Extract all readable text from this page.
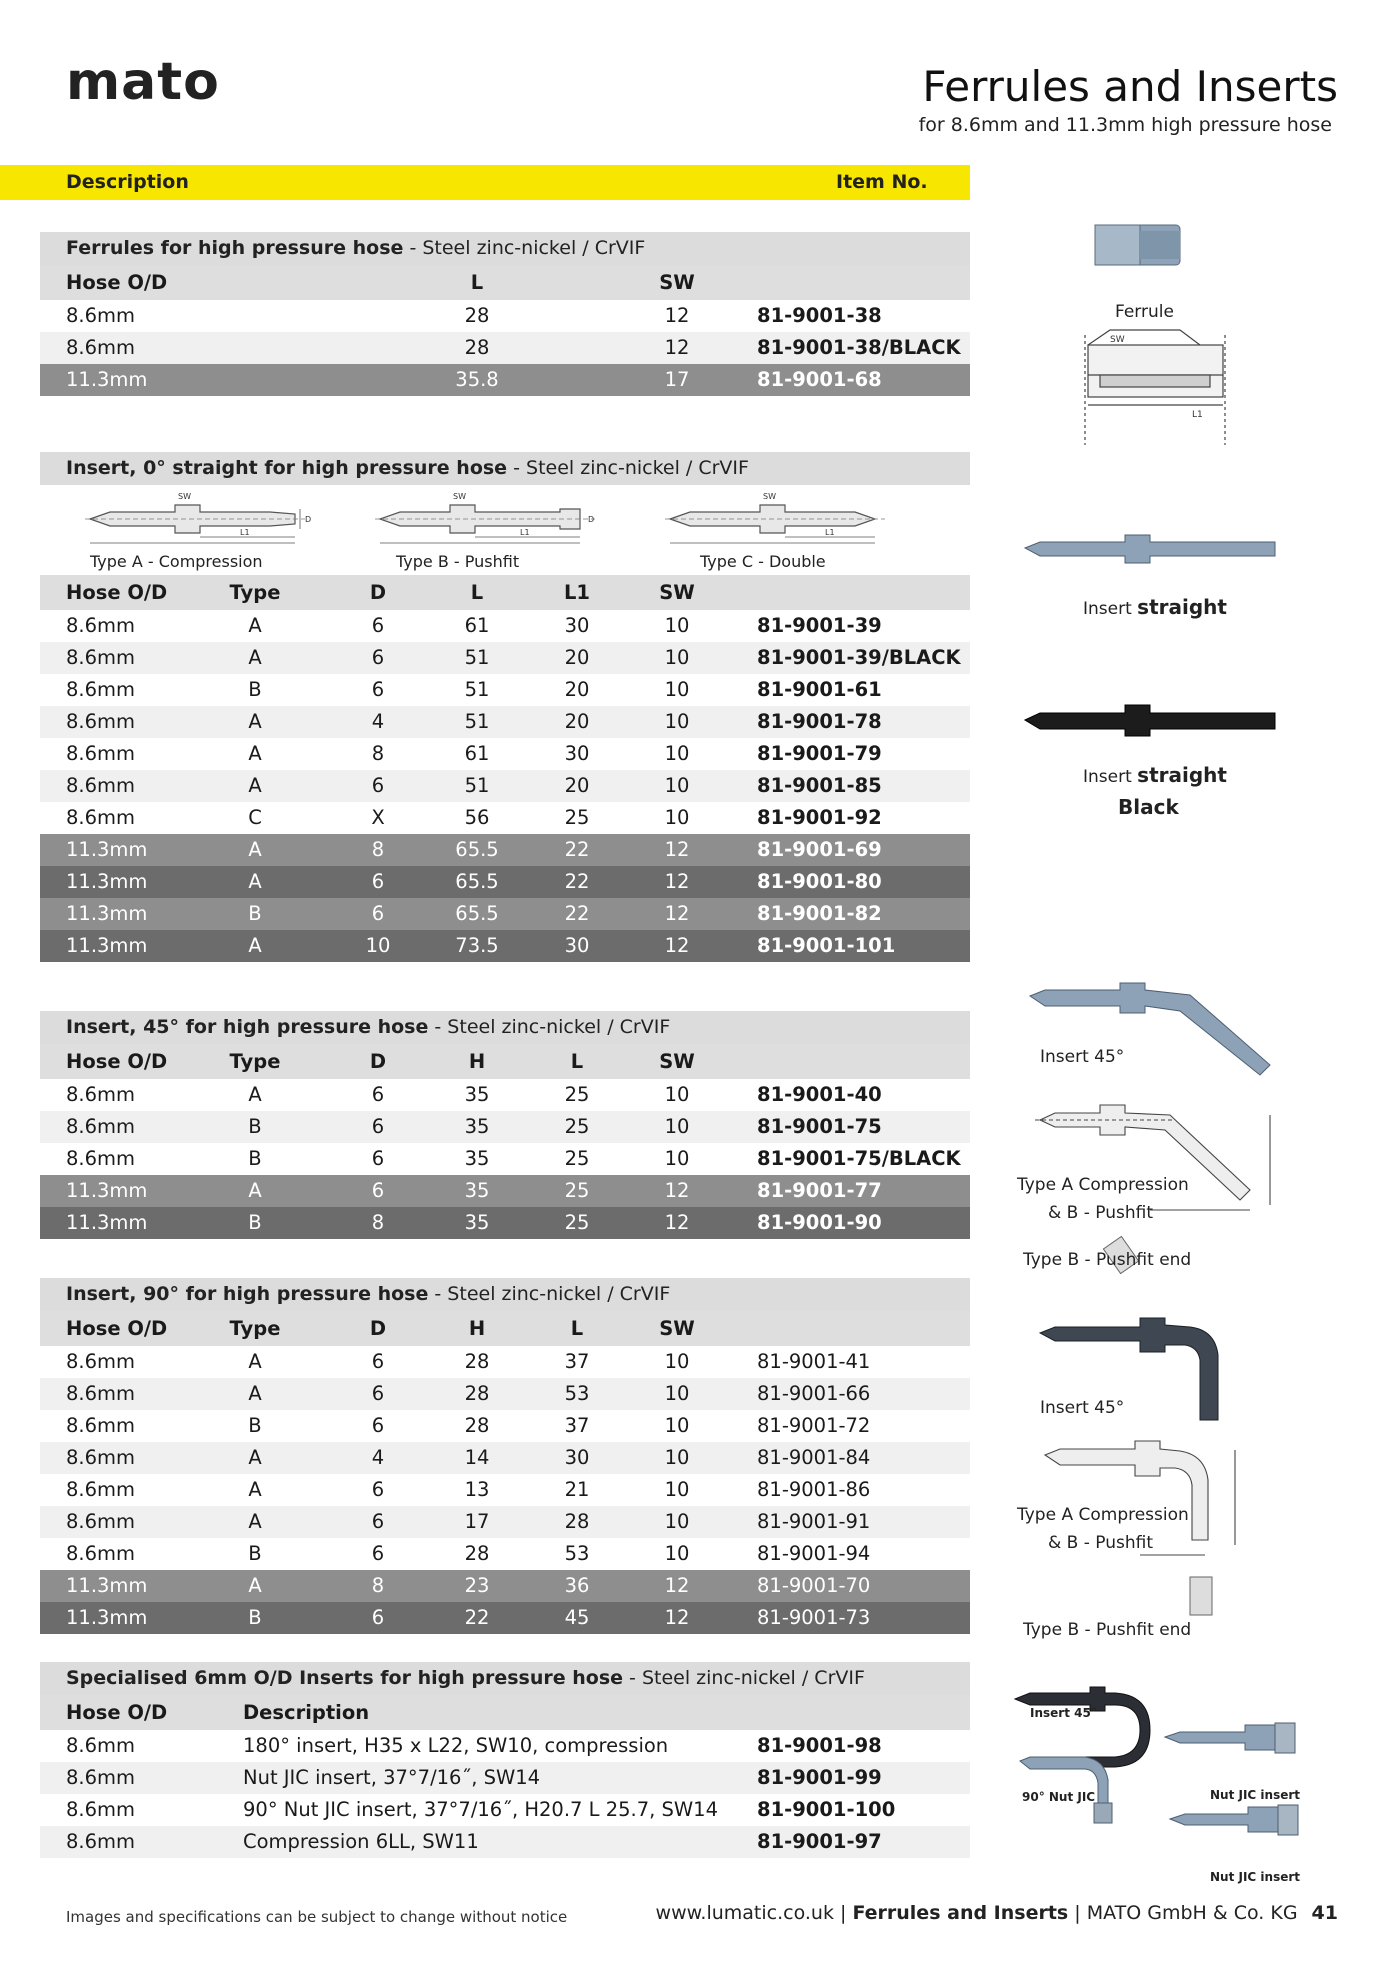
mato	Ferrules and Inserts
for 8.6mm and 11.3mm high pressure hose
Description	Item No.
Ferrules for high pressure hose - Steel zinc-nickel / CrVIF
Hose O/D	L	SW
8.6mm	28	12	81-9001-38
8.6mm	28	12	81-9001-38/BLACK
11.3mm	35.8	17	81-9001-68
Insert, 0° straight for high pressure hose - Steel zinc-nickel / CrVIF
SW
L1
D
Type A - Compression
SW
L1
D
Type B - Pushfit
SW
L1
Type C - Double
Hose O/D	Type	D	L	L1	SW
8.6mm	A	6	61	30	10	81-9001-39
8.6mm	A	6	51	20	10	81-9001-39/BLACK
8.6mm	B	6	51	20	10	81-9001-61
8.6mm	A	4	51	20	10	81-9001-78
8.6mm	A	8	61	30	10	81-9001-79
8.6mm	A	6	51	20	10	81-9001-85
8.6mm	C	X	56	25	10	81-9001-92
11.3mm	A	8	65.5	22	12	81-9001-69
11.3mm	A	6	65.5	22	12	81-9001-80
11.3mm	B	6	65.5	22	12	81-9001-82
11.3mm	A	10	73.5	30	12	81-9001-101
Insert, 45° for high pressure hose - Steel zinc-nickel / CrVIF
Hose O/D	Type	D	H	L	SW
8.6mm	A	6	35	25	10	81-9001-40
8.6mm	B	6	35	25	10	81-9001-75
8.6mm	B	6	35	25	10	81-9001-75/BLACK
11.3mm	A	6	35	25	12	81-9001-77
11.3mm	B	8	35	25	12	81-9001-90
Insert, 90° for high pressure hose - Steel zinc-nickel / CrVIF
Hose O/D	Type	D	H	L	SW
8.6mm	A	6	28	37	10	81-9001-41
8.6mm	A	6	28	53	10	81-9001-66
8.6mm	B	6	28	37	10	81-9001-72
8.6mm	A	4	14	30	10	81-9001-84
8.6mm	A	6	13	21	10	81-9001-86
8.6mm	A	6	17	28	10	81-9001-91
8.6mm	B	6	28	53	10	81-9001-94
11.3mm	A	8	23	36	12	81-9001-70
11.3mm	B	6	22	45	12	81-9001-73
Specialised 6mm O/D Inserts for high pressure hose - Steel zinc-nickel / CrVIF
Hose O/D	Description
8.6mm	180° insert, H35 x L22, SW10, compression	81-9001-98
8.6mm	Nut JIC insert, 37°7/16˝, SW14	81-9001-99
8.6mm	90° Nut JIC insert, 37°7/16˝, H20.7 L 25.7, SW14 81-9001-100
8.6mm	Compression 6LL, SW11	81-9001-97
SW
L1
Ferrule
Insert straight
Insert straight
Black
Insert 45°
Type A Compression
& B - Pushfit
Type B - Pushfit end
Insert 45°
Type A Compression
& B - Pushfit
Type B - Pushfit end
Insert 45°
90° Nut JIC	Nut JIC insert
Nut JIC insert
Images and specifications can be subject to change without notice	www.lumatic.co.uk | Ferrules and Inserts | MATO GmbH & Co. KG 41
